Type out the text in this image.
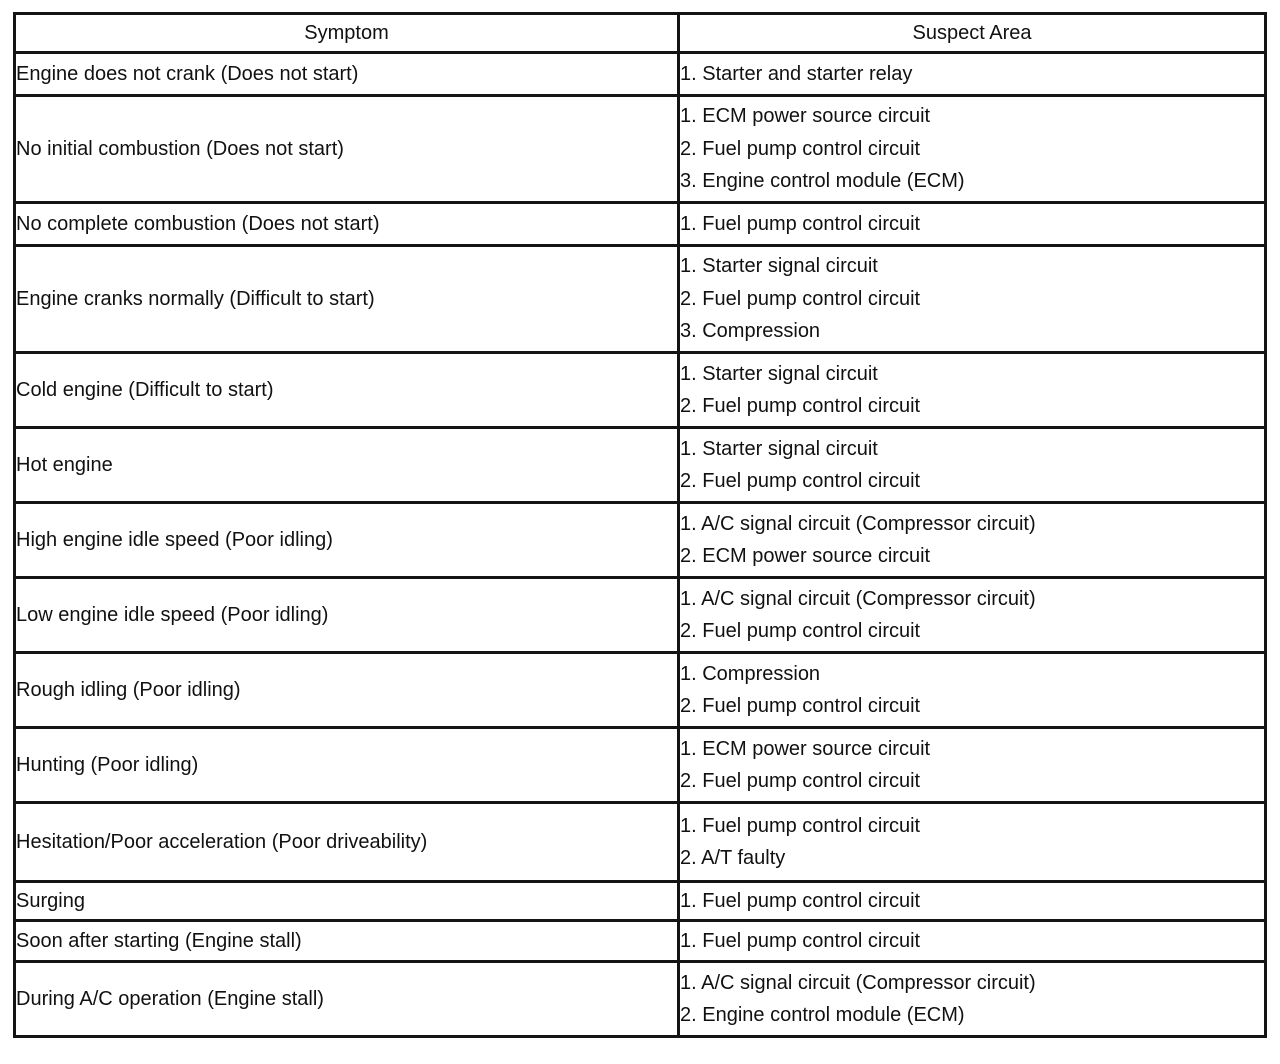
Symptom	Suspect Area
Engine does not crank (Does not start)	1. Starter and starter relay

No initial combustion (Does not start)	1. ECM power source circuit
2. Fuel pump control circuit
3. Engine control module (ECM)

No complete combustion (Does not start)	1. Fuel pump control circuit

Engine cranks normally (Difficult to start)	1. Starter signal circuit
2. Fuel pump control circuit
3. Compression

Cold engine (Difficult to start)	1. Starter signal circuit
2. Fuel pump control circuit

Hot engine	1. Starter signal circuit
2. Fuel pump control circuit

High engine idle speed (Poor idling)	1. A/C signal circuit (Compressor circuit)
2. ECM power source circuit

Low engine idle speed (Poor idling)	1. A/C signal circuit (Compressor circuit)
2. Fuel pump control circuit

Rough idling (Poor idling)	1. Compression
2. Fuel pump control circuit

Hunting (Poor idling)	1. ECM power source circuit
2. Fuel pump control circuit

Hesitation/Poor acceleration (Poor driveability)	1. Fuel pump control circuit
2. A/T faulty

Surging	1. Fuel pump control circuit

Soon after starting (Engine stall)	1. Fuel pump control circuit

During A/C operation (Engine stall)	1. A/C signal circuit (Compressor circuit)
2. Engine control module (ECM)
